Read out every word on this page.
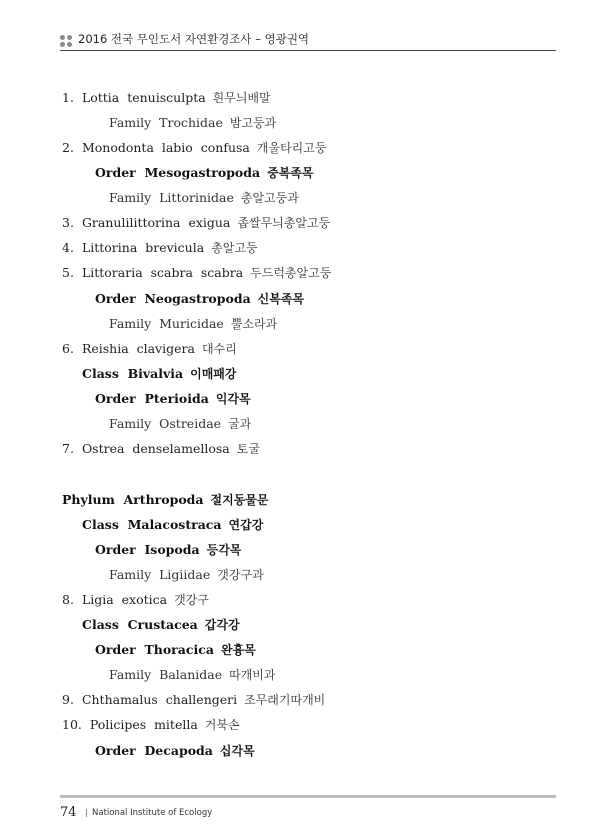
2016 전국 무인도서 자연환경조사 – 영광권역
1. Lottia  tenuisculpta 흰무늬배말
Family  Trochidae 밤고둥과
2. Monodonta  labio  confusa 개울타리고둥
Order  Mesogastropoda 중복족목
Family  Littorinidae 총알고둥과
3. Granulilittorina  exigua 좁쌀무늬총알고둥
4. Littorina  brevicula 총알고둥
5. Littoraria  scabra  scabra 두드럭총알고둥
Order  Neogastropoda 신복족목
Family  Muricidae 뿔소라과
6. Reishia  clavigera 대수리
Class  Bivalvia 이매패강
Order  Pterioida 익각목
Family  Ostreidae 굴과
7. Ostrea  denselamellosa 토굴
Phylum  Arthropoda 절지동물문
Class  Malacostraca 연갑강
Order  Isopoda 등각목
Family  Ligiidae 갯강구과
8. Ligia  exotica 갯강구
Class  Crustacea 갑각강
Order  Thoracica 완흉목
Family  Balanidae 따개비과
9. Chthamalus  challengeri 조무래기따개비
10. Policipes  mitella 거북손
Order  Decapoda 십각목
74 | National Institute of Ecology
